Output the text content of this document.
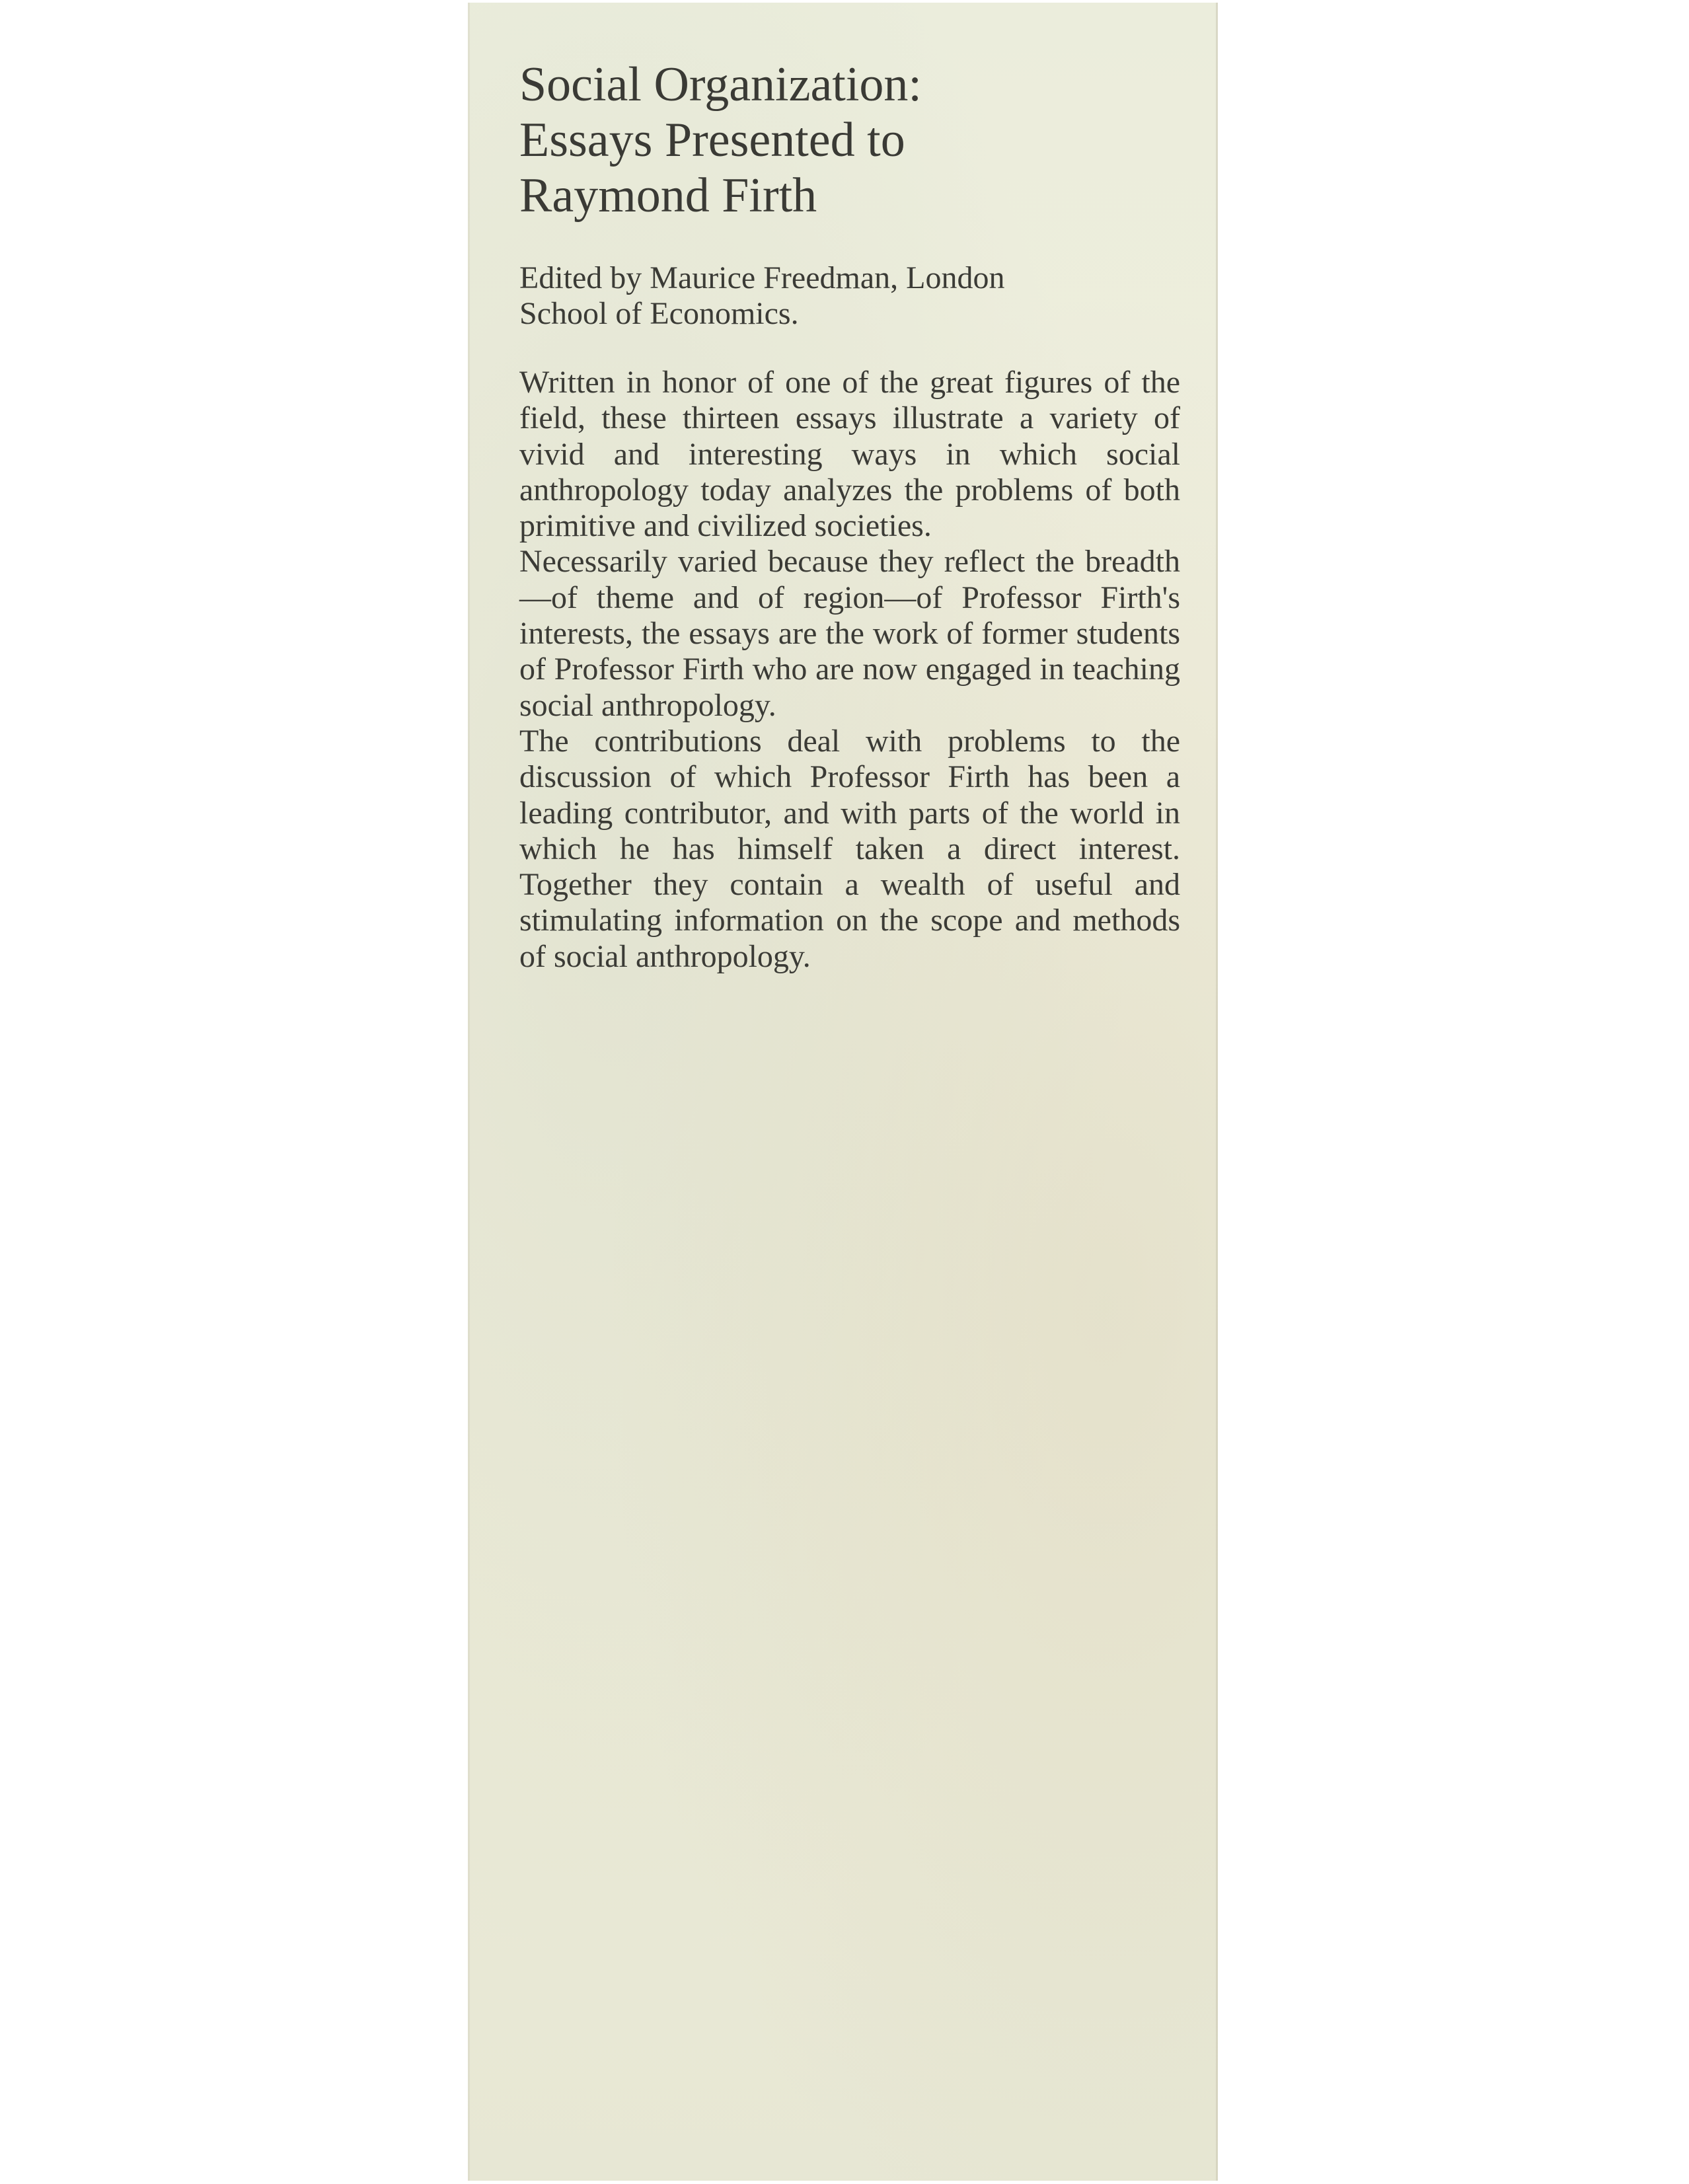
Social Organization:
Essays Presented to
Raymond Firth
Edited by Maurice Freedman, London
School of Economics.

Written in honor of one of the great figures of the field, these thirteen essays illustrate a variety of vivid and interesting ways in which social anthropology today analyzes the problems of both primitive and civilized societies.

Necessarily varied because they reflect the breadth—of theme and of region—of Professor Firth's interests, the essays are the work of former students of Professor Firth who are now engaged in teaching social anthropology.

The contributions deal with problems to the discussion of which Professor Firth has been a leading contributor, and with parts of the world in which he has himself taken a direct interest. Together they contain a wealth of useful and stimulating information on the scope and methods of social anthropology.
